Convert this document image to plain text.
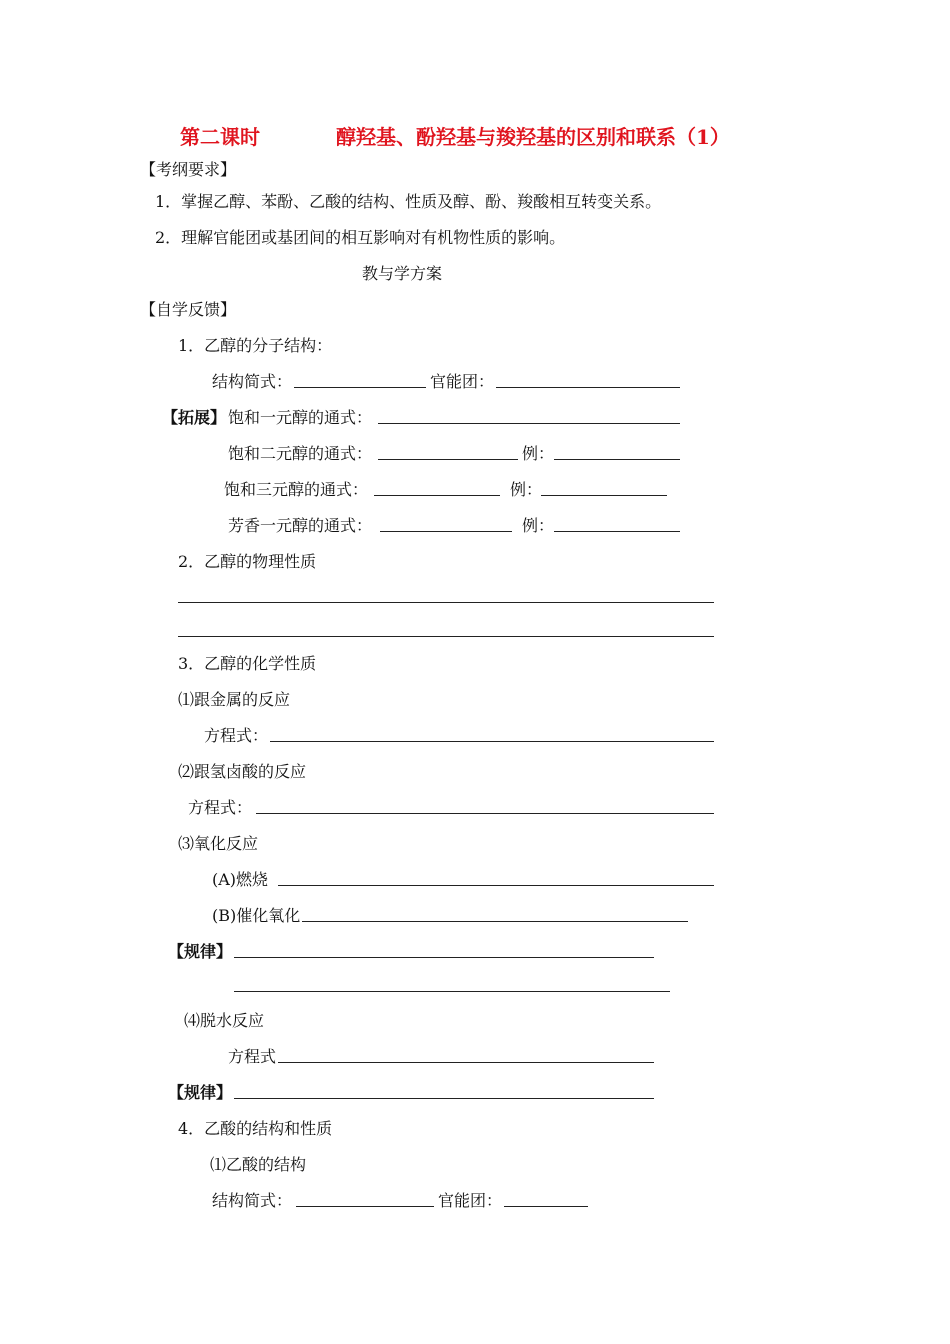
第二课时	醇羟基、酚羟基与羧羟基的区别和联系（1）
【考纲要求】
1．掌握乙醇、苯酚、乙酸的结构、性质及醇、酚、羧酸相互转变关系。
2．理解官能团或基团间的相互影响对有机物性质的影响。
教与学方案
【自学反馈】
1．乙醇的分子结构：
结构简式：	官能团：
【拓展】 饱和一元醇的通式：
饱和二元醇的通式：	例：
饱和三元醇的通式：	例：
芳香一元醇的通式：	例：
2．乙醇的物理性质
3．乙醇的化学性质
⑴跟金属的反应
方程式：
⑵跟氢卤酸的反应
方程式：
⑶氧化反应
(A)燃烧
(B)催化氧化
【规律】
⑷脱水反应
方程式
【规律】
4．乙酸的结构和性质
⑴乙酸的结构
结构简式：	官能团：
